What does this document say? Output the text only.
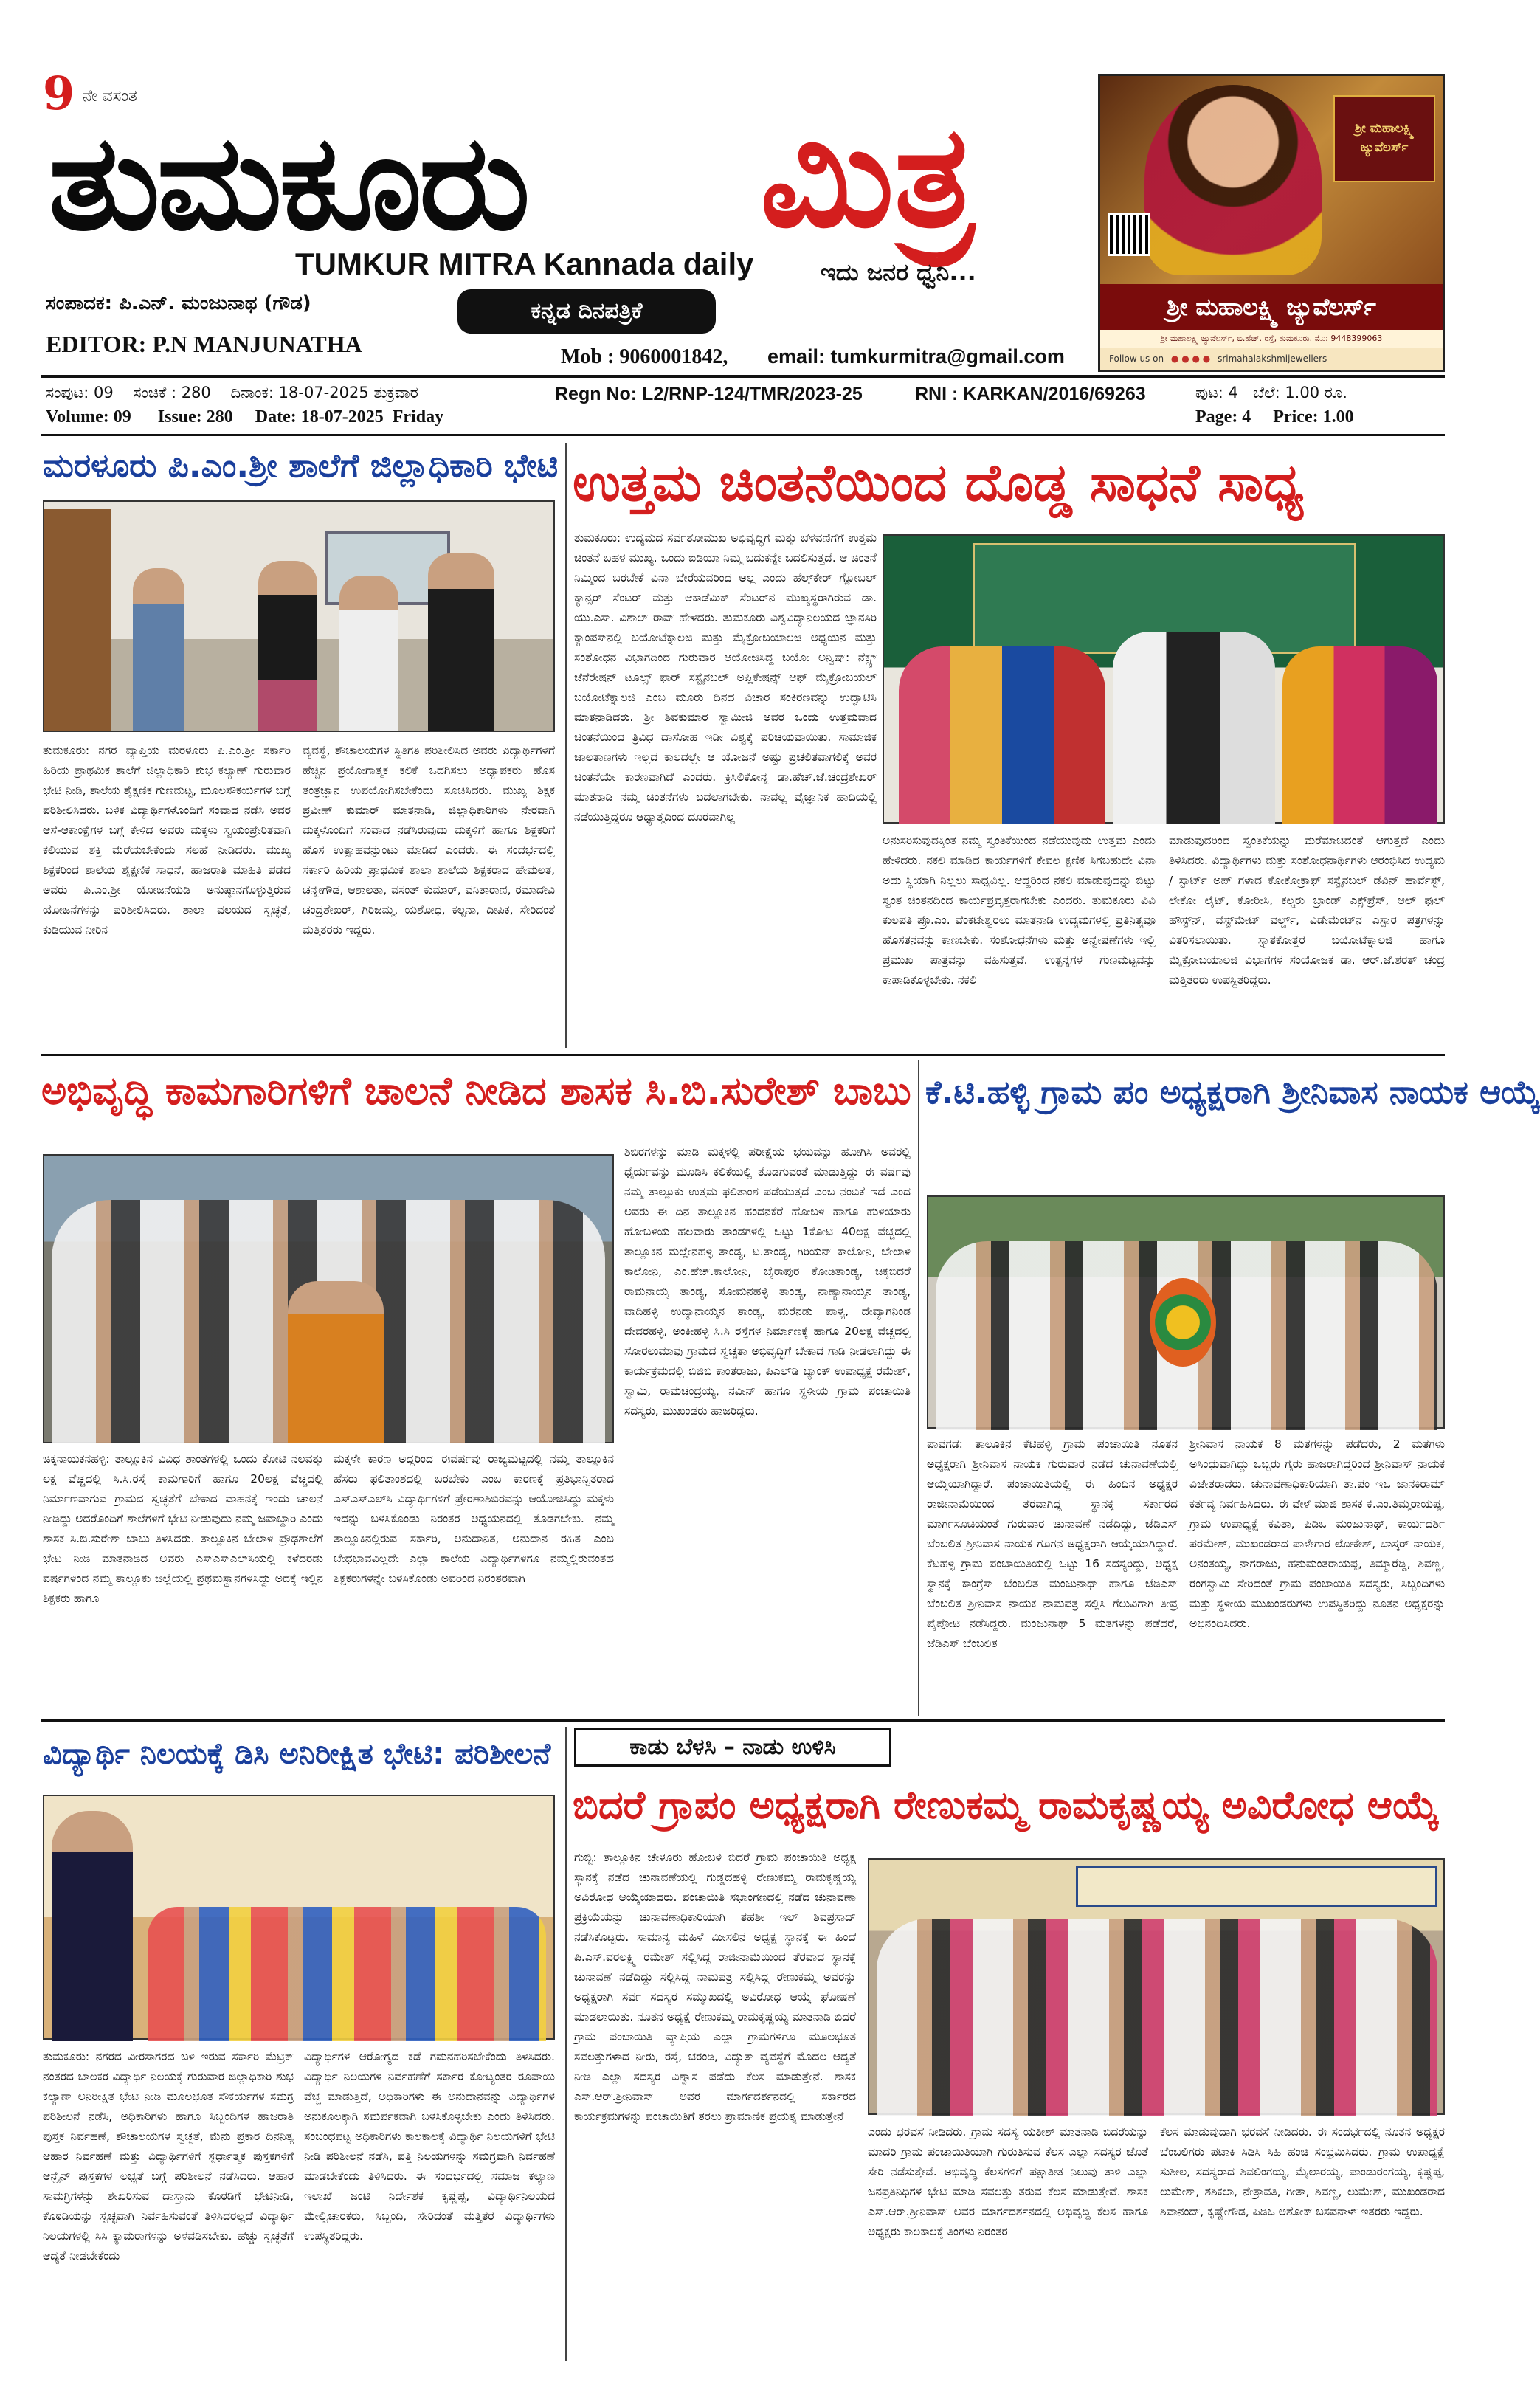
9 ನೇ ವಸಂತ
ತುಮಕೂರು	ಮಿತ್ರ
TUMKUR MITRA Kannada daily	ಇದು ಜನರ ಧ್ವನಿ...
ಸಂಪಾದಕ: ಪಿ.ಎನ್. ಮಂಜುನಾಥ (ಗೌಡ)
EDITOR: P.N MANJUNATHA
ಕನ್ನಡ ದಿನಪತ್ರಿಕೆ
Mob : 9060001842, email: tumkurmitra@gmail.com
ಶ್ರೀ ಮಹಾಲಕ್ಷ್ಮಿ ಜ್ಯುವೆಲರ್ಸ್
ಶ್ರೀ ಮಹಾಲಕ್ಷ್ಮಿ ಜ್ಯುವೆಲರ್ಸ್
ಶ್ರೀ ಮಹಾಲಕ್ಷ್ಮಿ ಜ್ಯುವೆಲರ್ಸ್, ಬಿ.ಹೆಚ್. ರಸ್ತೆ, ತುಮಕೂರು. ಮೊ: 9448399063
Follow us on ● ● ● ● srimahalakshmijewellers
ಸಂಪುಟ: 09    ಸಂಚಿಕೆ : 280    ದಿನಾಂಕ: 18-07-2025 ಶುಕ್ರವಾರ
Volume: 09      Issue: 280     Date: 18-07-2025  Friday
Regn No: L2/RNP-124/TMR/2023-25	RNI : KARKAN/2016/69263	ಪುಟ: 4   ಬೆಲೆ: 1.00 ರೂ.
Page: 4     Price: 1.00
ಮರಳೂರು ಪಿ.ಎಂ.ಶ್ರೀ ಶಾಲೆಗೆ ಜಿಲ್ಲಾಧಿಕಾರಿ ಭೇಟಿ
ತುಮಕೂರು: ನಗರ ವ್ಯಾಪ್ತಿಯ ಮರಳೂರು ಪಿ.ಎಂ.ಶ್ರೀ ಸರ್ಕಾರಿ ಹಿರಿಯ ಪ್ರಾಥಮಿಕ ಶಾಲೆಗೆ ಜಿಲ್ಲಾಧಿಕಾರಿ ಶುಭ ಕಲ್ಯಾಣ್ ಗುರುವಾರ ಭೇಟಿ ನೀಡಿ, ಶಾಲೆಯ ಶೈಕ್ಷಣಿಕ ಗುಣಮಟ್ಟ, ಮೂಲಸೌಕರ್ಯಗಳ ಬಗ್ಗೆ ಪರಿಶೀಲಿಸಿದರು. ಬಳಿಕ ವಿದ್ಯಾರ್ಥಿಗಳೊಂದಿಗೆ ಸಂವಾದ ನಡೆಸಿ ಅವರ ಆಸೆ-ಆಕಾಂಕ್ಷೆಗಳ ಬಗ್ಗೆ ಕೇಳಿದ ಅವರು ಮಕ್ಕಳು ಸ್ವಯಂಪ್ರೇರಿತವಾಗಿ ಕಲಿಯುವ ಶಕ್ತಿ ಮೆರೆಯಬೇಕೆಂದು ಸಲಹೆ ನೀಡಿದರು. ಮುಖ್ಯ ಶಿಕ್ಷಕರಿಂದ ಶಾಲೆಯ ಶೈಕ್ಷಣಿಕ ಸಾಧನೆ, ಹಾಜರಾತಿ ಮಾಹಿತಿ ಪಡೆದ ಅವರು ಪಿ.ಎಂ.ಶ್ರೀ ಯೋಜನೆಯಡಿ ಅನುಷ್ಠಾನಗೊಳ್ಳುತ್ತಿರುವ ಯೋಜನೆಗಳನ್ನು ಪರಿಶೀಲಿಸಿದರು. ಶಾಲಾ ವಲಯದ ಸ್ವಚ್ಛತೆ, ಕುಡಿಯುವ ನೀರಿನ
ವ್ಯವಸ್ಥೆ, ಶೌಚಾಲಯಗಳ ಸ್ಥಿತಿಗತಿ ಪರಿಶೀಲಿಸಿದ ಅವರು ವಿದ್ಯಾರ್ಥಿಗಳಿಗೆ ಹೆಚ್ಚಿನ ಪ್ರಯೋಗಾತ್ಮಕ ಕಲಿಕೆ ಒದಗಿಸಲು ಅಧ್ಯಾಪಕರು ಹೊಸ ತಂತ್ರಜ್ಞಾನ ಉಪಯೋಗಿಸಬೇಕೆಂದು ಸೂಚಿಸಿದರು. ಮುಖ್ಯ ಶಿಕ್ಷಕ ಪ್ರವೀಣ್ ಕುಮಾರ್ ಮಾತನಾಡಿ, ಜಿಲ್ಲಾಧಿಕಾರಿಗಳು ನೇರವಾಗಿ ಮಕ್ಕಳೊಂದಿಗೆ ಸಂವಾದ ನಡೆಸಿರುವುದು ಮಕ್ಕಳಿಗೆ ಹಾಗೂ ಶಿಕ್ಷಕರಿಗೆ ಹೊಸ ಉತ್ಸಾಹವನ್ನುಂಟು ಮಾಡಿದೆ ಎಂದರು. ಈ ಸಂದರ್ಭದಲ್ಲಿ ಸರ್ಕಾರಿ ಹಿರಿಯ ಪ್ರಾಥಮಿಕ ಶಾಲಾ ಶಾಲೆಯ ಶಿಕ್ಷಕರಾದ ಹೇಮಲತ, ಚನ್ನೇಗೌಡ, ಆಶಾಲತಾ, ವಸಂತ್ ಕುಮಾರ್, ವನಿತಾರಾಣಿ, ರಮಾದೇವಿ ಚಂದ್ರಶೇಖರ್, ಗಿರಿಜಮ್ಮ, ಯಶೋಧ, ಕಲ್ಪನಾ, ದೀಪಿಕ, ಸೇರಿದಂತೆ ಮತ್ತಿತರರು ಇದ್ದರು.
ಉತ್ತಮ ಚಿಂತನೆಯಿಂದ ದೊಡ್ಡ ಸಾಧನೆ ಸಾಧ್ಯ
ತುಮಕೂರು: ಉದ್ಯಮದ ಸರ್ವತೋಮುಖ ಅಭಿವೃದ್ಧಿಗೆ ಮತ್ತು ಬೆಳವಣಿಗೆಗೆ ಉತ್ತಮ ಚಿಂತನೆ ಬಹಳ ಮುಖ್ಯ. ಒಂದು ಐಡಿಯಾ ನಿಮ್ಮ ಬದುಕನ್ನೇ ಬದಲಿಸುತ್ತದೆ. ಆ ಚಿಂತನೆ ನಿಮ್ಮಿಂದ ಬರಬೇಕೆ ವಿನಾ ಬೇರೆಯವರಿಂದ ಅಲ್ಲ ಎಂದು ಹೆಲ್ತ್‌ಕೇರ್ ಗ್ಲೋಬಲ್ ಕ್ಯಾನ್ಸರ್ ಸೆಂಟರ್ ಮತ್ತು ಆಕಾಡೆಮಿಕ್ ಸೆಂಟರ್‌ನ ಮುಖ್ಯಸ್ಥರಾಗಿರುವ ಡಾ. ಯು.ಎಸ್. ವಿಶಾಲ್ ರಾವ್ ಹೇಳಿದರು. ತುಮಕೂರು ವಿಶ್ವವಿದ್ಯಾನಿಲಯದ ಜ್ಞಾನಸಿರಿ ಕ್ಯಾಂಪಸ್‌ನಲ್ಲಿ ಬಯೋಟೆಕ್ನಾಲಜಿ ಮತ್ತು ಮೈಕ್ರೋಬಯಾಲಜಿ ಅಧ್ಯಯನ ಮತ್ತು ಸಂಶೋಧನ ವಿಭಾಗದಿಂದ ಗುರುವಾರ ಆಯೋಜಿಸಿದ್ದ ಬಯೋ ಅನ್ವಿಷ್: ನೆಕ್ಸ್ಟ್ ಜೆನೆರೇಷನ್ ಟೂಲ್ಸ್ ಫಾರ್ ಸಸ್ಟೈನಬಲ್ ಅಪ್ಲಿಕೇಷನ್ಸ್ ಆಫ್ ಮೈಕ್ರೋಬಯಲ್ ಬಯೋಟೆಕ್ನಾಲಜಿ ಎಂಬ ಮೂರು ದಿನದ ವಿಚಾರ ಸಂಕಿರಣವನ್ನು ಉದ್ಘಾಟಿಸಿ ಮಾತನಾಡಿದರು. ಶ್ರೀ ಶಿವಕುಮಾರ ಸ್ವಾಮೀಜಿ ಅವರ ಒಂದು ಉತ್ತಮವಾದ ಚಿಂತನೆಯಿಂದ ತ್ರಿವಿಧ ದಾಸೋಹ ಇಡೀ ವಿಶ್ವಕ್ಕೆ ಪರಿಚಯವಾಯಿತು. ಸಾಮಾಜಿಕ ಜಾಲತಾಣಗಳು ಇಲ್ಲದ ಕಾಲದಲ್ಲೇ ಆ ಯೋಜನೆ ಅಷ್ಟು ಪ್ರಚಲಿತವಾಗಲಿಕ್ಕೆ ಅವರ ಚಿಂತನೆಯೇ ಕಾರಣವಾಗಿದೆ ಎಂದರು. ಕ್ರಿಸಿಲಿಕೋನ್ನ ಡಾ.ಹೆಚ್.ಜೆ.ಚಂದ್ರಶೇಖರ್ ಮಾತನಾಡಿ ನಮ್ಮ ಚಿಂತನೆಗಳು ಬದಲಾಗಬೇಕು. ನಾವೆಲ್ಲ ವೈಜ್ಞಾನಿಕ ಹಾದಿಯಲ್ಲಿ ನಡೆಯುತ್ತಿದ್ದರೂ ಆಧ್ಯಾತ್ಮದಿಂದ ದೂರವಾಗಿಲ್ಲ
ಅನುಸರಿಸುವುದಕ್ಕಿಂತ ನಮ್ಮ ಸ್ವಂತಿಕೆಯಿಂದ ನಡೆಯುವುದು ಉತ್ತಮ ಎಂದು ಹೇಳಿದರು. ನಕಲಿ ಮಾಡಿದ ಕಾರ್ಯಗಳಿಗೆ ಕೇವಲ ಕ್ಷಣಿಕ ಸಿಗಬಹುದೇ ವಿನಾ ಅದು ಸ್ಥಿಯಾಗಿ ನಿಲ್ಲಲು ಸಾಧ್ಯವಿಲ್ಲ. ಆದ್ದರಿಂದ ನಕಲಿ ಮಾಡುವುದನ್ನು ಬಿಟ್ಟು ಸ್ವಂತ ಚಿಂತನದಿಂದ ಕಾರ್ಯಪ್ರವೃತ್ತರಾಗಬೇಕು ಎಂದರು. ತುಮಕೂರು ವಿವಿ ಕುಲಪತಿ ಪ್ರೊ.ಎಂ. ವೆಂಕಟೇಶ್ವರಲು ಮಾತನಾಡಿ ಉದ್ಯಮಗಳಲ್ಲಿ ಪ್ರತಿನಿತ್ಯವೂ ಹೊಸತನವನ್ನು ಕಾಣಬೇಕು. ಸಂಶೋಧನೆಗಳು ಮತ್ತು ಅನ್ವೇಷಣೆಗಳು ಇಲ್ಲಿ ಪ್ರಮುಖ ಪಾತ್ರವನ್ನು ವಹಿಸುತ್ತವೆ. ಉತ್ಪನ್ನಗಳ ಗುಣಮಟ್ಟವನ್ನು ಕಾಪಾಡಿಕೊಳ್ಳಬೇಕು. ನಕಲಿ
ಮಾಡುವುದರಿಂದ ಸ್ವಂತಿಕೆಯನ್ನು ಮರೆಮಾಚಿದಂತೆ ಆಗುತ್ತದೆ ಎಂದು ತಿಳಿಸಿದರು. ವಿದ್ಯಾರ್ಥಿಗಳು ಮತ್ತು ಸಂಶೋಧನಾರ್ಥಿಗಳು ಆರಂಭಿಸಿದ ಉದ್ಯಮ / ಸ್ಟಾರ್ಟ್ ಅಪ್ ಗಳಾದ ಕೋಕೋಕ್ರಾಫ್ ಸಸ್ಟೈನಬಲ್ ಡೆವಿನ್ ಹಾರ್ವೆಸ್ಟ್, ಲೇಕೋ ಲೈಟ್, ಕೋರೀಸಿ, ಕಲ್ಚರು ಬ್ರಾಂಡ್ ಎಕ್ಸ್‌ಪ್ರೆಸ್, ಆಲ್ ಫುಲ್ ಹೌಸ್ಟ್‌ನ್, ವೆಸ್ಟ್‌ಮೇಟ್ ವರ್ಲ್ಡ್, ವಿಡೇಮೆಂಟ್‌ನ ಎಸ್ಪಾರ ಪತ್ರಗಳನ್ನು ವಿತರಿಸಲಾಯಿತು. ಸ್ನಾತಕೋತ್ತರ ಬಯೋಟೆಕ್ನಾಲಜಿ ಹಾಗೂ ಮೈಕ್ರೋಬಯಾಲಜಿ ವಿಭಾಗಗಳ ಸಂಯೋಜಕ ಡಾ. ಆರ್.ಜೆ.ಶರತ್ ಚಂದ್ರ ಮತ್ತಿತರರು ಉಪಸ್ಥಿತರಿದ್ದರು.
ಅಭಿವೃದ್ಧಿ ಕಾಮಗಾರಿಗಳಿಗೆ ಚಾಲನೆ ನೀಡಿದ ಶಾಸಕ ಸಿ.ಬಿ.ಸುರೇಶ್ ಬಾಬು
ಚಿಕ್ಕನಾಯಕನಹಳ್ಳಿ: ತಾಲ್ಲೂಕಿನ ವಿವಿಧ ಶಾಂತಗಳಲ್ಲಿ ಒಂದು ಕೋಟಿ ನಲವತ್ತು ಲಕ್ಷ ವೆಚ್ಚದಲ್ಲಿ ಸಿ.ಸಿ.ರಸ್ತೆ ಕಾಮಗಾರಿಗೆ ಹಾಗೂ 20ಲಕ್ಷ ವೆಚ್ಚದಲ್ಲಿ ನಿರ್ಮಾಣವಾಗುವ ಗ್ರಾಮದ ಸ್ವಚ್ಛತೆಗೆ ಬೇಕಾದ ವಾಹನಕ್ಕೆ ಇಂದು ಚಾಲನೆ ನೀಡಿದ್ದು ಅದರೊಂದಿಗೆ ಶಾಲೆಗಳಿಗೆ ಭೇಟಿ ನೀಡುವುದು ನಮ್ಮ ಜವಾಬ್ದಾರಿ ಎಂದು ಶಾಸಕ ಸಿ.ಬಿ.ಸುರೇಶ್ ಬಾಬು ತಿಳಿಸಿದರು. ತಾಲ್ಲೂಕಿನ ಬೇಲಾಳಿ ಪ್ರೌಢಶಾಲೆಗೆ ಭೇಟಿ ನೀಡಿ ಮಾತನಾಡಿದ ಅವರು ಎಸ್‌ಎಸ್‌ಎಲ್‌ಸಿಯಲ್ಲಿ ಕಳೆದರಡು ವರ್ಷಗಳಿಂದ ನಮ್ಮ ತಾಲ್ಲೂಕು ಜಿಲ್ಲೆಯಲ್ಲಿ ಪ್ರಥಮಸ್ಥಾನಗಳಿಸಿದ್ದು ಅದಕ್ಕೆ ಇಲ್ಲಿನ ಶಿಕ್ಷಕರು ಹಾಗೂ
ಮಕ್ಕಳೇ ಕಾರಣ ಅದ್ದರಿಂದ ಈವರ್ಷವು ರಾಜ್ಯಮಟ್ಟದಲ್ಲಿ ನಮ್ಮ ತಾಲ್ಲೂಕಿನ ಹೆಸರು ಫಲಿತಾಂಶದಲ್ಲಿ ಬರಬೇಕು ಎಂಬ ಕಾರಣಕ್ಕೆ ಪ್ರತಿಭಾನ್ವಿತರಾದ ಎಸ್‌ಎಸ್‌ಎಲ್‌ಸಿ ವಿದ್ಯಾರ್ಥಿಗಳಿಗೆ ಪ್ರೇರಣಾಶಿಬಿರವನ್ನು ಆಯೋಜಿಸಿದ್ದು ಮಕ್ಕಳು ಇದನ್ನು ಬಳಸಿಕೊಂಡು ನಿರಂತರ ಅಧ್ಯಯನದಲ್ಲಿ ತೊಡಗಬೇಕು. ನಮ್ಮ ತಾಲ್ಲೂಕಿನಲ್ಲಿರುವ ಸರ್ಕಾರಿ, ಅನುದಾನಿತ, ಅನುದಾನ ರಹಿತ ಎಂಬ ಬೇಧಭಾವವಿಲ್ಲದೇ ಎಲ್ಲಾ ಶಾಲೆಯ ವಿದ್ಯಾರ್ಥಿಗಳಿಗೂ ನಮ್ಮಲ್ಲಿರುವಂತಹ ಶಿಕ್ಷಕರುಗಳನ್ನೇ ಬಳಸಿಕೊಂಡು ಅವರಿಂದ ನಿರಂತರವಾಗಿ
ಶಿಬಿರಗಳನ್ನು ಮಾಡಿ ಮಕ್ಕಳಲ್ಲಿ ಪರೀಕ್ಷೆಯ ಭಯವನ್ನು ಹೋಗಿಸಿ ಅವರಲ್ಲಿ ಧೈರ್ಯವನ್ನು ಮೂಡಿಸಿ ಕಲಿಕೆಯಲ್ಲಿ ತೊಡಗುವಂತೆ ಮಾಡುತ್ತಿದ್ದು ಈ ವರ್ಷವು ನಮ್ಮ ತಾಲ್ಲೂಕು ಉತ್ತಮ ಫಲಿತಾಂಶ ಪಡೆಯುತ್ತದೆ ಎಂಬ ನಂಬಿಕೆ ಇದೆ ಎಂದ ಅವರು ಈ ದಿನ ತಾಲ್ಲೂಕಿನ ಹಂದನಕೆರೆ ಹೋಬಳಿ ಹಾಗೂ ಹುಳಿಯಾರು ಹೋಬಳಿಯ ಹಲವಾರು ತಾಂಡಗಳಲ್ಲಿ ಒಟ್ಟು 1ಕೋಟಿ 40ಲಕ್ಷ ವೆಚ್ಚದಲ್ಲಿ ತಾಲ್ಲೂಕಿನ ಮಲ್ಲೇನಹಳ್ಳಿ ತಾಂಡ್ಯ, ಟಿ.ತಾಂಡ್ಯ, ಗಿರಿಯನ್ ಕಾಲೋನಿ, ಬೇಲಾಳಿ ಕಾಲೋನಿ, ಎಂ.ಹೆಚ್.ಕಾಲೋನಿ, ಬೈರಾಪುರ ಕೋಡಿತಾಂಡ್ಯ, ಚಿಕ್ಕಬಿದರೆ ರಾಮನಾಯ್ಕ ತಾಂಡ್ಯ, ಸೋಮನಹಳ್ಳಿ ತಾಂಡ್ಯ, ನಾಣ್ಯಾನಾಯ್ಕನ ತಾಂಡ್ಯ, ವಾದಿಹಳ್ಳಿ ಉದ್ಯಾನಾಯ್ಕನ ತಾಂಡ್ಯ, ಮರೆನಡು ಪಾಳ್ಯ, ದೇವ್ಯಾಗನಿಂಡ ದೇವರಹಳ್ಳಿ, ಅಂಕೀಹಳ್ಳಿ ಸಿ.ಸಿ ರಸ್ತೆಗಳ ನಿರ್ಮಾಣಕ್ಕೆ ಹಾಗೂ 20ಲಕ್ಷ ವೆಚ್ಚದಲ್ಲಿ ಸೋರಲುಮಾವು ಗ್ರಾಮದ ಸ್ವಚ್ಛತಾ ಅಭಿವೃದ್ಧಿಗೆ ಬೇಕಾದ ಗಾಡಿ ನೀಡಲಾಗಿದ್ದು ಈ ಕಾರ್ಯಕ್ರಮದಲ್ಲಿ ಬಿಜಿಬಿ ಕಾಂತರಾಜು, ಪಿಎಲ್‌ಡಿ ಬ್ಯಾಂಕ್ ಉಪಾಧ್ಯಕ್ಷ ರಮೇಶ್, ಸ್ವಾಮಿ, ರಾಮಚಂದ್ರಯ್ಯ, ನವೀನ್ ಹಾಗೂ ಸ್ಥಳೀಯ ಗ್ರಾಮ ಪಂಚಾಯಿತಿ ಸದಸ್ಯರು, ಮುಖಂಡರು ಹಾಜರಿದ್ದರು.
ಕೆ.ಟಿ.ಹಳ್ಳಿ ಗ್ರಾಮ ಪಂ ಅಧ್ಯಕ್ಷರಾಗಿ ಶ್ರೀನಿವಾಸ ನಾಯಕ ಆಯ್ಕೆ
ಪಾವಗಡ: ತಾಲೂಕಿನ ಕೆಟಿಹಳ್ಳಿ ಗ್ರಾಮ ಪಂಚಾಯಿತಿ ನೂತನ ಅಧ್ಯಕ್ಷರಾಗಿ ಶ್ರೀನಿವಾಸ ನಾಯಕ ಗುರುವಾರ ನಡೆದ ಚುನಾವಣೆಯಲ್ಲಿ ಆಯ್ಕೆಯಾಗಿದ್ದಾರೆ. ಪಂಚಾಯಿತಿಯಲ್ಲಿ ಈ ಹಿಂದಿನ ಅಧ್ಯಕ್ಷರ ರಾಜೀನಾಮೆಯಿಂದ ತೆರವಾಗಿದ್ದ ಸ್ಥಾನಕ್ಕೆ ಸರ್ಕಾರದ ಮಾರ್ಗಸೂಚಿಯಂತೆ ಗುರುವಾರ ಚುನಾವಣೆ ನಡೆದಿದ್ದು, ಜೆಡಿಎಸ್ ಬೆಂಬಲಿತ ಶ್ರೀನಿವಾಸ ನಾಯಕ ಗೂಗನ ಅಧ್ಯಕ್ಷರಾಗಿ ಆಯ್ಕೆಯಾಗಿದ್ದಾರೆ. ಕೆಟಿಹಳ್ಳಿ ಗ್ರಾಮ ಪಂಚಾಯಿತಿಯಲ್ಲಿ ಒಟ್ಟು 16 ಸದಸ್ಯರಿದ್ದು, ಅಧ್ಯಕ್ಷ ಸ್ಥಾನಕ್ಕೆ ಕಾಂಗ್ರೆಸ್ ಬೆಂಬಲಿತ ಮಂಜುನಾಥ್ ಹಾಗೂ ಜೆಡಿಎಸ್ ಬೆಂಬಲಿತ ಶ್ರೀನಿವಾಸ ನಾಯಕ ನಾಮಪತ್ರ ಸಲ್ಲಿಸಿ ಗೆಲುವಿಗಾಗಿ ತೀವ್ರ ಪೈಪೋಟಿ ನಡೆಸಿದ್ದರು. ಮಂಜುನಾಥ್ 5 ಮತಗಳನ್ನು ಪಡೆದರೆ, ಜೆಡಿಎಸ್ ಬೆಂಬಲಿತ
ಶ್ರೀನಿವಾಸ ನಾಯಕ 8 ಮತಗಳನ್ನು ಪಡೆದರು, 2 ಮತಗಳು ಅಸಿಂಧುವಾಗಿದ್ದು ಒಬ್ಬರು ಗೈರು ಹಾಜರಾಗಿದ್ದರಿಂದ ಶ್ರೀನಿವಾಸ್ ನಾಯಕ ವಿಜೇತರಾದರು. ಚುನಾವಣಾಧಿಕಾರಿಯಾಗಿ ತಾ.ಪಂ ಇಒ ಜಾನಕಿರಾಮ್ ಕರ್ತವ್ಯ ನಿರ್ವಹಿಸಿದರು. ಈ ವೇಳೆ ಮಾಜಿ ಶಾಸಕ ಕೆ.ಎಂ.ತಿಮ್ಮರಾಯಪ್ಪ, ಗ್ರಾಮ ಉಪಾಧ್ಯಕ್ಷೆ ಕವಿತಾ, ಪಿಡಿಒ ಮಂಜುನಾಥ್, ಕಾರ್ಯದರ್ಶಿ ಪರಮೇಶ್, ಮುಖಂಡರಾದ ಪಾಳೇಗಾರ ಲೋಕೇಶ್, ಬಾಸ್ಕರ್ ನಾಯಕ, ಅನಂತಯ್ಯ, ನಾಗರಾಜು, ಹನುಮಂತರಾಯಪ್ಪ, ತಿಮ್ಮಾರೆಡ್ಡಿ, ಶಿವಣ್ಣ, ರಂಗಸ್ವಾಮಿ ಸೇರಿದಂತೆ ಗ್ರಾಮ ಪಂಚಾಯಿತಿ ಸದಸ್ಯರು, ಸಿಬ್ಬಂದಿಗಳು ಮತ್ತು ಸ್ಥಳೀಯ ಮುಖಂಡರುಗಳು ಉಪಸ್ಥಿತರಿದ್ದು ನೂತನ ಅಧ್ಯಕ್ಷರನ್ನು ಅಭಿನಂದಿಸಿದರು.
ವಿದ್ಯಾರ್ಥಿ ನಿಲಯಕ್ಕೆ ಡಿಸಿ ಅನಿರೀಕ್ಷಿತ ಭೇಟಿ: ಪರಿಶೀಲನೆ
ತುಮಕೂರು: ನಗರದ ವೀರಸಾಗರದ ಬಳಿ ಇರುವ ಸರ್ಕಾರಿ ಮೆಟ್ರಿಕ್ ನಂತರದ ಬಾಲಕರ ವಿದ್ಯಾರ್ಥಿ ನಿಲಯಕ್ಕೆ ಗುರುವಾರ ಜಿಲ್ಲಾಧಿಕಾರಿ ಶುಭ ಕಲ್ಯಾಣ್ ಅನಿರೀಕ್ಷಿತ ಭೇಟಿ ನೀಡಿ ಮೂಲಭೂತ ಸೌಕರ್ಯಗಳ ಸಮಗ್ರ ಪರಿಶೀಲನೆ ನಡೆಸಿ, ಅಧಿಕಾರಿಗಳು ಹಾಗೂ ಸಿಬ್ಬಂದಿಗಳ ಹಾಜರಾತಿ ಪುಸ್ತಕ ನಿರ್ವಹಣೆ, ಶೌಚಾಲಯಗಳ ಸ್ವಚ್ಛತೆ, ಮೆನು ಪ್ರಕಾರ ದಿನನಿತ್ಯ ಆಹಾರ ನಿರ್ವಹಣೆ ಮತ್ತು ವಿದ್ಯಾರ್ಥಿಗಳಿಗೆ ಸ್ಪರ್ಧಾತ್ಮಕ ಪುಸ್ತಕಗಳಿಗೆ ಆನ್ಲೈನ್ ಪುಸ್ತಕಗಳ ಲಭ್ಯತೆ ಬಗ್ಗೆ ಪರಿಶೀಲನೆ ನಡೆಸಿದರು. ಆಹಾರ ಸಾಮಗ್ರಿಗಳನ್ನು ಶೇಖರಿಸುವ ದಾಸ್ತಾನು ಕೊಠಡಿಗೆ ಭೇಟಿನೀಡಿ, ಕೊಠಡಿಯನ್ನು ಸ್ವಚ್ಛವಾಗಿ ನಿರ್ವಹಿಸುವಂತೆ ತಿಳಿಸಿದರಲ್ಲದೆ ವಿದ್ಯಾರ್ಥಿ ನಿಲಯಗಳಲ್ಲಿ ಸಿಸಿ ಕ್ಯಾಮರಾಗಳನ್ನು ಅಳವಡಿಸಬೇಕು. ಹೆಚ್ಚು ಸ್ವಚ್ಛತೆಗೆ ಆದ್ಯತೆ ನೀಡಬೇಕೆಂದು
ವಿದ್ಯಾರ್ಥಿಗಳ ಆರೋಗ್ಯದ ಕಡೆ ಗಮನಹರಿಸಬೇಕೆಂದು ತಿಳಿಸಿದರು. ವಿದ್ಯಾರ್ಥಿ ನಿಲಯಗಳ ನಿರ್ವಹಣೆಗೆ ಸರ್ಕಾರ ಕೋಟ್ಯಂತರ ರೂಪಾಯಿ ವೆಚ್ಚ ಮಾಡುತ್ತಿದೆ, ಅಧಿಕಾರಿಗಳು ಈ ಅನುದಾನವನ್ನು ವಿದ್ಯಾರ್ಥಿಗಳ ಅನುಕೂಲಕ್ಕಾಗಿ ಸಮರ್ಪಕವಾಗಿ ಬಳಸಿಕೊಳ್ಳಬೇಕು ಎಂದು ತಿಳಿಸಿದರು. ಸಂಬಂಧಪಟ್ಟ ಅಧಿಕಾರಿಗಳು ಕಾಲಕಾಲಕ್ಕೆ ವಿದ್ಯಾರ್ಥಿ ನಿಲಯಗಳಿಗೆ ಭೇಟಿ ನೀಡಿ ಪರಿಶೀಲನೆ ನಡೆಸಿ, ಪತ್ತಿ ನಿಲಯಗಳನ್ನು ಸಮಗ್ರವಾಗಿ ನಿರ್ವಹಣೆ ಮಾಡಬೇಕೆಂದು ತಿಳಿಸಿದರು. ಈ ಸಂದರ್ಭದಲ್ಲಿ ಸಮಾಜ ಕಲ್ಯಾಣ ಇಲಾಖೆ ಜಂಟಿ ನಿರ್ದೇಶಕ ಕೃಷ್ಣಪ್ಪ, ವಿದ್ಯಾರ್ಥಿನಿಲಯದ ಮೇಲ್ವಿಚಾರಕರು, ಸಿಬ್ಬಂದಿ, ಸೇರಿದಂತೆ ಮತ್ತಿತರ ವಿದ್ಯಾರ್ಥಿಗಳು ಉಪಸ್ಥಿತರಿದ್ದರು.
ಕಾಡು ಬೆಳಸಿ – ನಾಡು ಉಳಿಸಿ
ಬಿದರೆ ಗ್ರಾಪಂ ಅಧ್ಯಕ್ಷರಾಗಿ ರೇಣುಕಮ್ಮ ರಾಮಕೃಷ್ಣಯ್ಯ ಅವಿರೋಧ ಆಯ್ಕೆ
ಗುಬ್ಬಿ: ತಾಲ್ಲೂಕಿನ ಚೇಳೂರು ಹೋಬಳಿ ಬಿದರೆ ಗ್ರಾಮ ಪಂಚಾಯಿತಿ ಅಧ್ಯಕ್ಷ ಸ್ಥಾನಕ್ಕೆ ನಡೆದ ಚುನಾವಣೆಯಲ್ಲಿ ಗುಡ್ಡದಹಳ್ಳಿ ರೇಣುಕಮ್ಮ ರಾಮಕೃಷ್ಣಯ್ಯ ಅವಿರೋಧ ಆಯ್ಕೆಯಾದರು. ಪಂಚಾಯಿತಿ ಸಭಾಂಗಣದಲ್ಲಿ ನಡೆದ ಚುನಾವಣಾ ಪ್ರಕ್ರಿಯೆಯನ್ನು ಚುನಾವಣಾಧಿಕಾರಿಯಾಗಿ ತಹಶೀ ಇಲ್ ಶಿವಪ್ರಸಾದ್ ನಡೆಸಿಕೊಟ್ಟರು. ಸಾಮಾನ್ಯ ಮಹಿಳೆ ಮೀಸಲಿನ ಅಧ್ಯಕ್ಷ ಸ್ಥಾನಕ್ಕೆ ಈ ಹಿಂದೆ ಪಿ.ಎಸ್.ವರಲಕ್ಷ್ಮಿ ರಮೇಶ್ ಸಲ್ಲಿಸಿದ್ದ ರಾಜೀನಾಮೆಯಿಂದ ತೆರವಾದ ಸ್ಥಾನಕ್ಕೆ ಚುನಾವಣೆ ನಡೆದಿದ್ದು ಸಲ್ಲಿಸಿದ್ದ ನಾಮಪತ್ರ ಸಲ್ಲಿಸಿದ್ದ ರೇಣುಕಮ್ಮ ಅವರನ್ನು ಅಧ್ಯಕ್ಷರಾಗಿ ಸರ್ವ ಸದಸ್ಯರ ಸಮ್ಮುಖದಲ್ಲಿ ಅವಿರೋಧ ಆಯ್ಕೆ ಘೋಷಣೆ ಮಾಡಲಾಯಿತು. ನೂತನ ಅಧ್ಯಕ್ಷೆ ರೇಣುಕಮ್ಮ ರಾಮಕೃಷ್ಣಯ್ಯ ಮಾತನಾಡಿ ಬಿದರೆ ಗ್ರಾಮ ಪಂಚಾಯಿತಿ ವ್ಯಾಪ್ತಿಯ ಎಲ್ಲಾ ಗ್ರಾಮಗಳಿಗೂ ಮೂಲಭೂತ ಸವಲತ್ತುಗಳಾದ ನೀರು, ರಸ್ತೆ, ಚರಂಡಿ, ವಿದ್ಯುತ್ ವ್ಯವಸ್ಥೆಗೆ ಮೊದಲ ಆದ್ಯತೆ ನೀಡಿ ಎಲ್ಲಾ ಸದಸ್ಯರ ವಿಶ್ವಾಸ ಪಡೆದು ಕೆಲಸ ಮಾಡುತ್ತೇನೆ. ಶಾಸಕ ಎಸ್.ಆರ್.ಶ್ರೀನಿವಾಸ್ ಅವರ ಮಾರ್ಗದರ್ಶನದಲ್ಲಿ ಸರ್ಕಾರದ ಕಾರ್ಯಕ್ರಮಗಳನ್ನು ಪಂಚಾಯಿತಿಗೆ ತರಲು ಪ್ರಾಮಾಣಿಕ ಪ್ರಯತ್ನ ಮಾಡುತ್ತೇನೆ
ಎಂದು ಭರವಸೆ ನೀಡಿದರು. ಗ್ರಾಮ ಸದಸ್ಯ ಯತೀಶ್ ಮಾತನಾಡಿ ಬಿದರೆಯನ್ನು ಮಾದರಿ ಗ್ರಾಮ ಪಂಚಾಯಿತಿಯಾಗಿ ಗುರುತಿಸುವ ಕೆಲಸ ಎಲ್ಲಾ ಸದಸ್ಯರ ಜೊತೆ ಸೇರಿ ನಡೆಸುತ್ತೇವೆ. ಅಭಿವೃದ್ಧಿ ಕೆಲಸಗಳಿಗೆ ಪಕ್ಷಾತೀತ ನಿಲುವು ತಾಳಿ ಎಲ್ಲಾ ಜನಪ್ರತಿನಿಧಿಗಳ ಭೇಟಿ ಮಾಡಿ ಸವಲತ್ತು ತರುವ ಕೆಲಸ ಮಾಡುತ್ತೇವೆ. ಶಾಸಕ ಎಸ್.ಆರ್.ಶ್ರೀನಿವಾಸ್ ಅವರ ಮಾರ್ಗದರ್ಶನದಲ್ಲಿ ಅಭಿವೃದ್ಧಿ ಕೆಲಸ ಹಾಗೂ ಅಧ್ಯಕ್ಷರು ಕಾಲಕಾಲಕ್ಕೆ ತಿಂಗಳು ನಿರಂತರ
ಕೆಲಸ ಮಾಡುವುದಾಗಿ ಭರವಸೆ ನೀಡಿದರು. ಈ ಸಂದರ್ಭದಲ್ಲಿ ನೂತನ ಅಧ್ಯಕ್ಷರ ಬೆಂಬಲಿಗರು ಪಟಾಕಿ ಸಿಡಿಸಿ ಸಿಹಿ ಹಂಚಿ ಸಂಭ್ರಮಿಸಿದರು. ಗ್ರಾಮ ಉಪಾಧ್ಯಕ್ಷೆ ಸುಶೀಲ, ಸದಸ್ಯರಾದ ಶಿವಲಿಂಗಯ್ಯ, ಮೈಲಾರಯ್ಯ, ಪಾಂಡುರಂಗಯ್ಯ, ಕೃಷ್ಣಪ್ಪ, ಲುಮೇಶ್, ಶಶಿಕಲಾ, ನೇತ್ರಾವತಿ, ಗೀತಾ, ಶಿವಣ್ಣ, ಲುಮೇಶ್, ಮುಖಂಡರಾದ ಶಿವಾನಂದ್, ಕೃಷ್ಣೇಗೌಡ, ಪಿಡಿಒ ಅಶೋಕ್ ಬಸವನಾಳ್ ಇತರರು ಇದ್ದರು.
